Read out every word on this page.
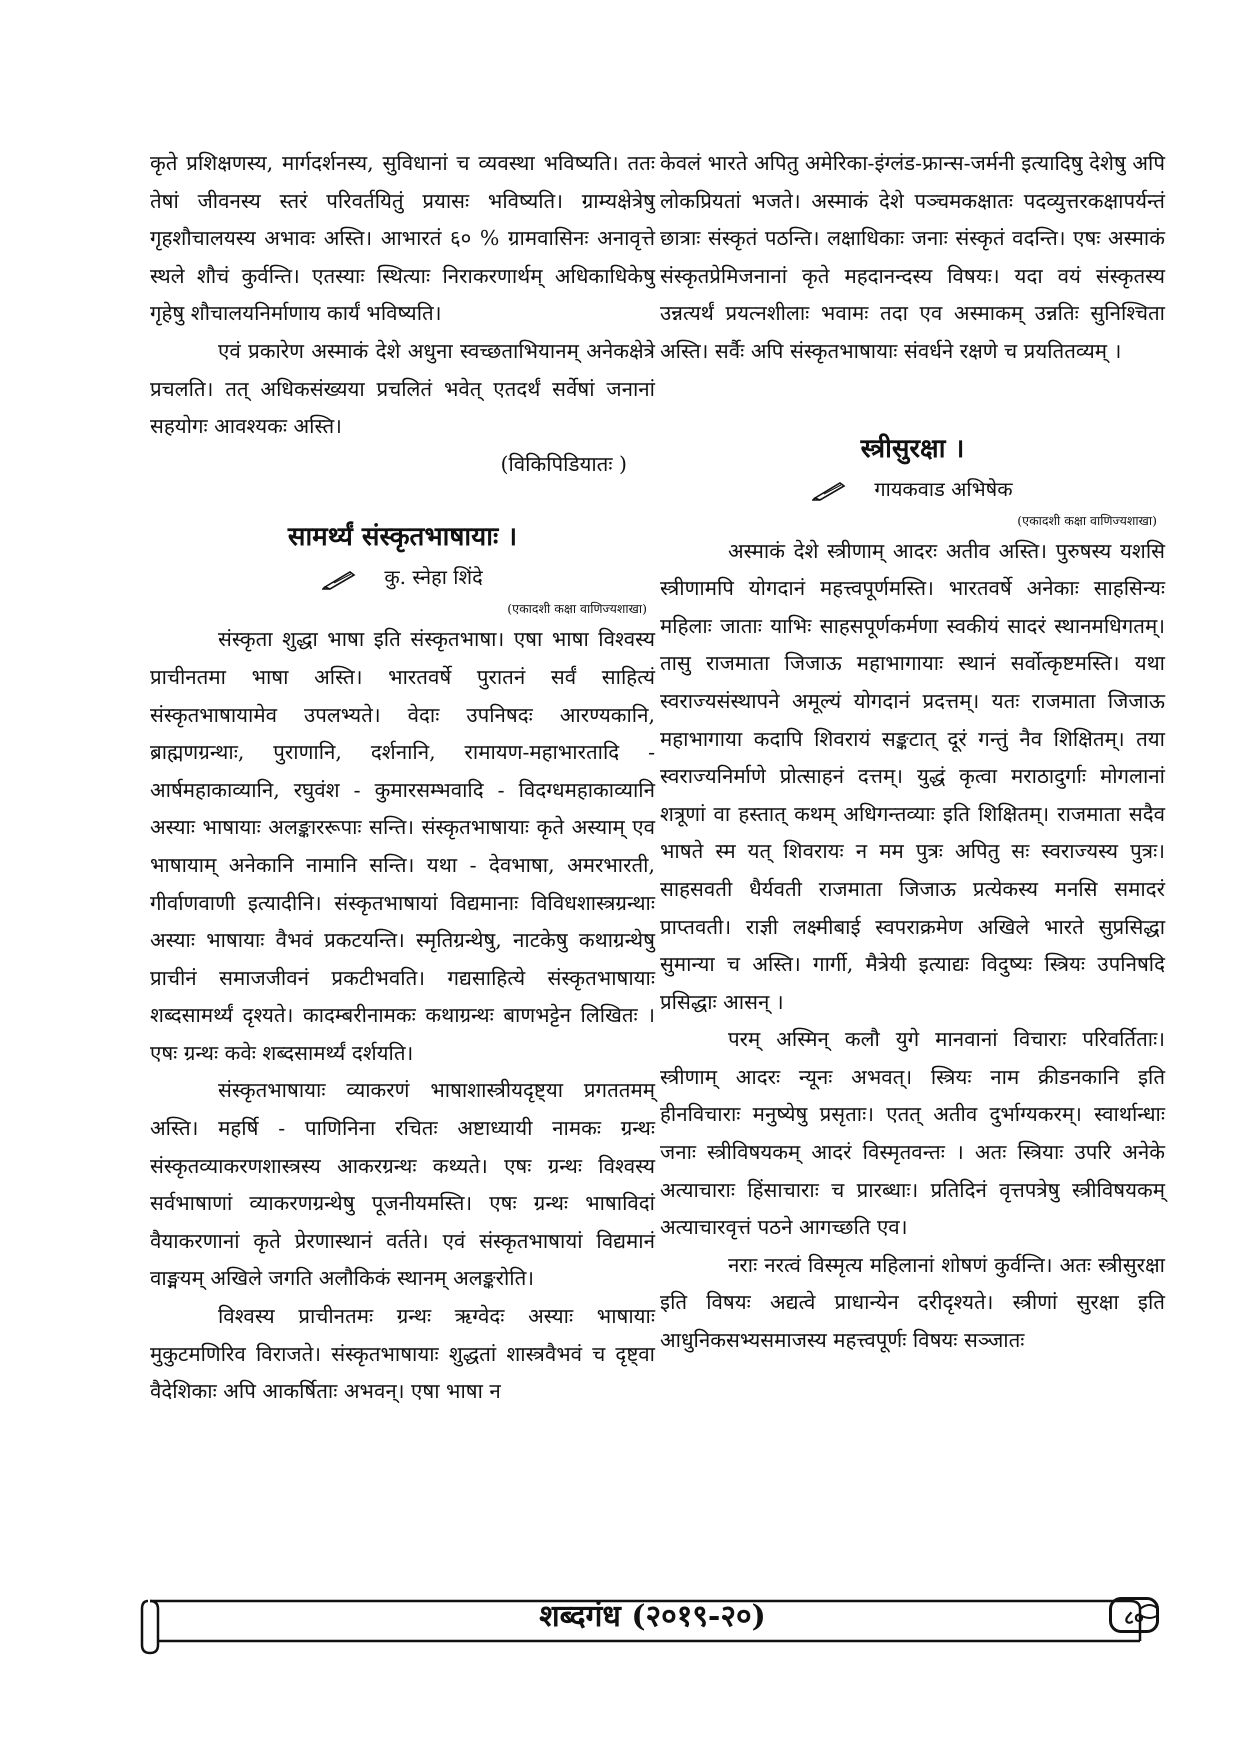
कृते प्रशिक्षणस्य, मार्गदर्शनस्य, सुविधानां च व्यवस्था भविष्यति। ततः तेषां जीवनस्य स्तरं परिवर्तयितुं प्रयासः भविष्यति। ग्राम्यक्षेत्रेषु गृहशौचालयस्य अभावः अस्ति। आभारतं ६० % ग्रामवासिनः अनावृत्ते स्थले शौचं कुर्वन्ति। एतस्याः स्थित्याः निराकरणार्थम् अधिकाधिकेषु गृहेषु शौचालयनिर्माणाय कार्यं भविष्यति।

एवं प्रकारेण अस्माकं देशे अधुना स्वच्छताभियानम् अनेकक्षेत्रे प्रचलति। तत् अधिकसंख्यया प्रचलितं भवेत् एतदर्थं सर्वेषां जनानां सहयोगः आवश्यकः अस्ति।

(विकिपिडियातः )
सामर्थ्यं संस्कृतभाषायाः ।
कु. स्नेहा शिंदे
(एकादशी कक्षा वाणिज्यशाखा)

संस्कृता शुद्धा भाषा इति संस्कृतभाषा। एषा भाषा विश्वस्य प्राचीनतमा भाषा अस्ति। भारतवर्षे पुरातनं सर्वं साहित्यं संस्कृतभाषायामेव उपलभ्यते। वेदाः उपनिषदः आरण्यकानि, ब्राह्मणग्रन्थाः, पुराणानि, दर्शनानि, रामायण-महाभारतादि - आर्षमहाकाव्यानि, रघुवंश - कुमारसम्भवादि - विदग्धमहाकाव्यानि अस्याः भाषायाः अलङ्काररूपाः सन्ति। संस्कृतभाषायाः कृते अस्याम् एव भाषायाम् अनेकानि नामानि सन्ति। यथा - देवभाषा, अमरभारती, गीर्वाणवाणी इत्यादीनि। संस्कृतभाषायां विद्यमानाः विविधशास्त्रग्रन्थाः अस्याः भाषायाः वैभवं प्रकटयन्ति। स्मृतिग्रन्थेषु, नाटकेषु कथाग्रन्थेषु प्राचीनं समाजजीवनं प्रकटीभवति। गद्यसाहित्ये संस्कृतभाषायाः शब्दसामर्थ्यं दृश्यते। कादम्बरीनामकः कथाग्रन्थः बाणभट्टेन लिखितः । एषः ग्रन्थः कवेः शब्दसामर्थ्यं दर्शयति।

संस्कृतभाषायाः व्याकरणं भाषाशास्त्रीयदृष्ट्या प्रगततमम् अस्ति। महर्षि - पाणिनिना रचितः अष्टाध्यायी नामकः ग्रन्थः संस्कृतव्याकरणशास्त्रस्य आकरग्रन्थः कथ्यते। एषः ग्रन्थः विश्वस्य सर्वभाषाणां व्याकरणग्रन्थेषु पूजनीयमस्ति। एषः ग्रन्थः भाषाविदां वैयाकरणानां कृते प्रेरणास्थानं वर्तते। एवं संस्कृतभाषायां विद्यमानं वाङ्मयम् अखिले जगति अलौकिकं स्थानम् अलङ्करोति।

विश्वस्य प्राचीनतमः ग्रन्थः ऋग्वेदः अस्याः भाषायाः मुकुटमणिरिव विराजते। संस्कृतभाषायाः शुद्धतां शास्त्रवैभवं च दृष्ट्वा वैदेशिकाः अपि आकर्षिताः अभवन्। एषा भाषा न

केवलं भारते अपितु अमेरिका-इंग्लंड-फ्रान्स-जर्मनी इत्यादिषु देशेषु अपि लोकप्रियतां भजते। अस्माकं देशे पञ्चमकक्षातः पदव्युत्तरकक्षापर्यन्तं छात्राः संस्कृतं पठन्ति। लक्षाधिकाः जनाः संस्कृतं वदन्ति। एषः अस्माकं संस्कृतप्रेमिजनानां कृते महदानन्दस्य विषयः। यदा वयं संस्कृतस्य उन्नत्यर्थं प्रयत्नशीलाः भवामः तदा एव अस्माकम् उन्नतिः सुनिश्चिता अस्ति। सर्वैः अपि संस्कृतभाषायाः संवर्धने रक्षणे च प्रयतितव्यम् ।

स्त्रीसुरक्षा ।
गायकवाड अभिषेक
(एकादशी कक्षा वाणिज्यशाखा)

अस्माकं देशे स्त्रीणाम् आदरः अतीव अस्ति। पुरुषस्य यशसि स्त्रीणामपि योगदानं महत्त्वपूर्णमस्ति। भारतवर्षे अनेकाः साहसिन्यः महिलाः जाताः याभिः साहसपूर्णकर्मणा स्वकीयं सादरं स्थानमधिगतम्। तासु राजमाता जिजाऊ महाभागायाः स्थानं सर्वोत्कृष्टमस्ति। यथा स्वराज्यसंस्थापने अमूल्यं योगदानं प्रदत्तम्। यतः राजमाता जिजाऊ महाभागाया कदापि शिवरायं सङ्कटात् दूरं गन्तुं नैव शिक्षितम्। तया स्वराज्यनिर्माणे प्रोत्साहनं दत्तम्। युद्धं कृत्वा मराठादुर्गाः मोगलानां शत्रूणां वा हस्तात् कथम् अधिगन्तव्याः इति शिक्षितम्। राजमाता सदैव भाषते स्म यत् शिवरायः न मम पुत्रः अपितु सः स्वराज्यस्य पुत्रः। साहसवती धैर्यवती राजमाता जिजाऊ प्रत्येकस्य मनसि समादरं प्राप्तवती। राज्ञी लक्ष्मीबाई स्वपराक्रमेण अखिले भारते सुप्रसिद्धा सुमान्या च अस्ति। गार्गी, मैत्रेयी इत्याद्यः विदुष्यः स्त्रियः उपनिषदि प्रसिद्धाः आसन् ।

परम् अस्मिन् कलौ युगे मानवानां विचाराः परिवर्तिताः। स्त्रीणाम् आदरः न्यूनः अभवत्। स्त्रियः नाम क्रीडनकानि इति हीनविचाराः मनुष्येषु प्रसृताः। एतत् अतीव दुर्भाग्यकरम्। स्वार्थान्धाः जनाः स्त्रीविषयकम् आदरं विस्मृतवन्तः । अतः स्त्रियाः उपरि अनेके अत्याचाराः हिंसाचाराः च प्रारब्धाः। प्रतिदिनं वृत्तपत्रेषु स्त्रीविषयकम् अत्याचारवृत्तं पठने आगच्छति एव।

नराः नरत्वं विस्मृत्य महिलानां शोषणं कुर्वन्ति। अतः स्त्रीसुरक्षा इति विषयः अद्यत्वे प्राधान्येन दरीदृश्यते। स्त्रीणां सुरक्षा इति आधुनिकसभ्यसमाजस्य महत्त्वपूर्णः विषयः सञ्जातः

शब्दगंध (२०१९-२०)	८०
